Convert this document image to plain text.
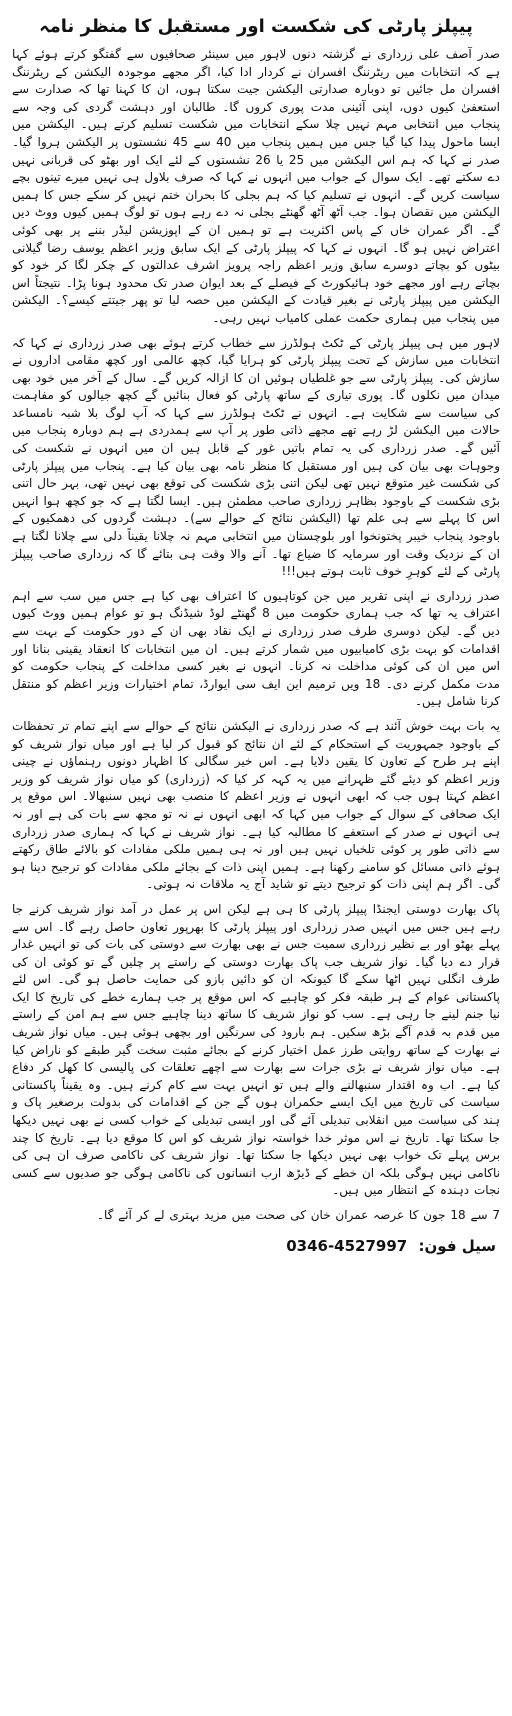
پیپلز پارٹی کی شکست اور مستقبل کا منظر نامہ

صدر آصف علی زرداری نے گزشتہ دنوں لاہور میں سینئر صحافیوں سے گفتگو کرتے ہوئے کہا ہے کہ انتخابات میں ریٹرننگ افسران نے کردار ادا کیا، اگر مجھے موجودہ الیکشن کے ریٹرننگ افسران مل جائیں تو دوبارہ صدارتی الیکشن جیت سکتا ہوں، ان کا کہنا تھا کہ صدارت سے استعفیٰ کیوں دوں، اپنی آئینی مدت پوری کروں گا۔ طالبان اور دہشت گردی کی وجہ سے پنجاب میں انتخابی مہم نہیں چلا سکے انتخابات میں شکست تسلیم کرتے ہیں۔ الیکشن میں ایسا ماحول پیدا کیا گیا جس میں ہمیں پنجاب میں 40 سے 45 نشستوں پر الیکشن ہروا گیا۔ صدر نے کہا کہ ہم اس الیکشن میں 25 یا 26 نشستوں کے لئے ایک اور بھٹو کی قربانی نہیں دے سکتے تھے۔ ایک سوال کے جواب میں انہوں نے کہا کہ صرف بلاول ہی نہیں میرے تینوں بچے سیاست کریں گے۔ انہوں نے تسلیم کیا کہ ہم بجلی کا بحران ختم نہیں کر سکے جس کا ہمیں الیکشن میں نقصان ہوا۔ جب آٹھ آٹھ گھنٹے بجلی نہ دے رہے ہوں تو لوگ ہمیں کیوں ووٹ دیں گے۔ اگر عمران خاں کے پاس اکثریت ہے تو ہمیں ان کے اپوزیشن لیڈر بننے پر بھی کوئی اعتراض نہیں ہو گا۔ انہوں نے کہا کہ پیپلز پارٹی کے ایک سابق وزیر اعظم یوسف رضا گیلانی بیٹوں کو بچاتے دوسرے سابق وزیر اعظم راجہ پرویز اشرف عدالتوں کے چکر لگا کر خود کو بچاتے رہے اور مجھے خود ہائیکورٹ کے فیصلے کے بعد ایوان صدر تک محدود ہونا پڑا۔ نتیجتاً اس الیکشن میں پیپلز پارٹی نے بغیر قیادت کے الیکشن میں حصہ لیا تو پھر جیتتے کیسے؟۔ الیکشن میں پنجاب میں ہماری حکمت عملی کامیاب نہیں رہی۔

لاہور میں ہی پیپلز پارٹی کے ٹکٹ ہولڈرز سے خطاب کرتے ہوئے بھی صدر زرداری نے کہا کہ انتخابات میں سازش کے تحت پیپلز پارٹی کو ہرایا گیا، کچھ عالمی اور کچھ مقامی اداروں نے سازش کی۔ پیپلز پارٹی سے جو غلطیاں ہوئیں ان کا ازالہ کریں گے۔ سال کے آخر میں خود بھی میدان میں نکلوں گا۔ پوری تیاری کے ساتھ پارٹی کو فعال بنائیں گے کچھ جیالوں کو مفاہمت کی سیاست سے شکایت ہے۔ انہوں نے ٹکٹ ہولڈرز سے کہا کہ آپ لوگ بلا شبہ نامساعد حالات میں الیکشن لڑ رہے تھے مجھے ذاتی طور پر آپ سے ہمدردی ہے ہم دوبارہ پنجاب میں آئیں گے۔ صدر زرداری کی یہ تمام باتیں غور کے قابل ہیں ان میں انہوں نے شکست کی وجوہات بھی بیان کی ہیں اور مستقبل کا منظر نامہ بھی بیان کیا ہے۔ پنجاب میں پیپلز پارٹی کی شکست غیر متوقع نہیں تھی لیکن اتنی بڑی شکست کی توقع بھی نہیں تھی، بہر حال اتنی بڑی شکست کے باوجود بظاہر زرداری صاحب مطمئن ہیں۔ ایسا لگتا ہے کہ جو کچھ ہوا انہیں اس کا پہلے سے ہی علم تھا (الیکشن نتائج کے حوالے سے)۔ دہشت گردوں کی دھمکیوں کے باوجود پنجاب خیبر پختونخوا اور بلوچستان میں انتخابی مہم نہ چلانا یقیناً دلی سے چلانا لگتا ہے ان کے نزدیک وقت اور سرمایہ کا ضیاع تھا۔ آنے والا وقت ہی بتائے گا کہ زرداری صاحب پیپلز پارٹی کے لئے کوہرِ خوف ثابت ہوتے ہیں!!!

صدر زرداری نے اپنی تقریر میں جن کوتاہیوں کا اعتراف بھی کیا ہے جس میں سب سے اہم اعتراف یہ تھا کہ جب ہماری حکومت میں 8 گھنٹے لوڈ شیڈنگ ہو تو عوام ہمیں ووٹ کیوں دیں گے۔ لیکن دوسری طرف صدر زرداری نے ایک نقاد بھی ان کے دور حکومت کے بہت سے اقدامات کو بہت بڑی کامیابیوں میں شمار کرتے ہیں۔ ان میں انتخابات کا انعقاد یقینی بنانا اور اس میں ان کی کوئی مداخلت نہ کرنا۔ انہوں نے بغیر کسی مداخلت کے پنجاب حکومت کو مدت مکمل کرنے دی۔ 18 ویں ترمیم این ایف سی ایوارڈ، تمام اختیارات وزیر اعظم کو منتقل کرنا شامل ہیں۔

یہ بات بہت خوش آئند ہے کہ صدر زرداری نے الیکشن نتائج کے حوالے سے اپنے تمام تر تحفظات کے باوجود جمہوریت کے استحکام کے لئے ان نتائج کو قبول کر لیا ہے اور میاں نواز شریف کو اپنے ہر طرح کے تعاون کا یقین دلایا ہے۔ اس خیر سگالی کا اظہار دونوں رہنماؤں نے چینی وزیر اعظم کو دیئے گئے ظہرانے میں یہ کہہ کر کیا کہ (زرداری) کو میاں نواز شریف کو وزیر اعظم کہتا ہوں جب کہ ابھی انہوں نے وزیر اعظم کا منصب بھی نہیں سنبھالا۔ اس موقع پر ایک صحافی کے سوال کے جواب میں کہا کہ ابھی انہوں نے نہ تو مجھ سے بات کی ہے اور نہ ہی انہوں نے صدر کے استعفے کا مطالبہ کیا ہے۔ نواز شریف نے کہا کہ ہماری صدر زرداری سے ذاتی طور پر کوئی تلخیاں نہیں ہیں اور نہ ہی ہمیں ملکی مفادات کو بالائے طاق رکھتے ہوئے ذاتی مسائل کو سامنے رکھنا ہے۔ ہمیں اپنی ذات کے بجائے ملکی مفادات کو ترجیح دینا ہو گی۔ اگر ہم اپنی ذات کو ترجیح دیتے تو شاید آج یہ ملاقات نہ ہوتی۔

پاک بھارت دوستی ایجنڈا پیپلز پارٹی کا ہی ہے لیکن اس پر عمل در آمد نواز شریف کرنے جا رہے ہیں جس میں انہیں صدر زرداری اور پیپلز پارٹی کا بھرپور تعاون حاصل رہے گا۔ اس سے پہلے بھٹو اور بے نظیر زرداری سمیت جس نے بھی بھارت سے دوستی کی بات کی تو انہیں غدار قرار دے دیا گیا۔ نواز شریف جب پاک بھارت دوستی کے راستے پر چلیں گے تو کوئی ان کی طرف انگلی نہیں اٹھا سکے گا کیونکہ ان کو دائیں بازو کی حمایت حاصل ہو گی۔ اس لئے پاکستانی عوام کے ہر طبقہ فکر کو چاہیے کہ اس موقع پر جب ہمارے خطے کی تاریخ کا ایک نیا جنم لینے جا رہی ہے۔ سب کو نواز شریف کا ساتھ دینا چاہیے جس سے ہم امن کے راستے میں قدم بہ قدم آگے بڑھ سکیں۔ ہم بارود کی سرنگیں اور بچھی ہوئی ہیں۔ میاں نواز شریف نے بھارت کے ساتھ روایتی طرز عمل اختیار کرنے کے بجائے مثبت سخت گیر طبقے کو ناراض کیا ہے۔ میاں نواز شریف نے بڑی جرات سے بھارت سے اچھے تعلقات کی پالیسی کا کھل کر دفاع کیا ہے۔ اب وہ اقتدار سنبھالنے والے ہیں تو انہیں بہت سے کام کرنے ہیں۔ وہ یقیناً پاکستانی سیاست کی تاریخ میں ایک ایسے حکمران ہوں گے جن کے اقدامات کی بدولت برصغیر پاک و ہند کی سیاست میں انقلابی تبدیلی آئے گی اور ایسی تبدیلی کے خواب کسی نے بھی نہیں دیکھا جا سکتا تھا۔ تاریخ نے اس موثر خدا خواستہ نواز شریف کو اس کا موقع دیا ہے۔ تاریخ کا چند برس پہلے تک خواب بھی نہیں دیکھا جا سکتا تھا۔ نواز شریف کی ناکامی صرف ان ہی کی ناکامی نہیں ہوگی بلکہ ان خطے کے ڈیڑھ ارب انسانوں کی ناکامی ہوگی جو صدیوں سے کسی نجات دہندہ کے انتظار میں ہیں۔

7 سے 18 جون کا عرصہ عمران خان کی صحت میں مزید بہتری لے کر آئے گا۔

سیل فون: 0346-4527997
